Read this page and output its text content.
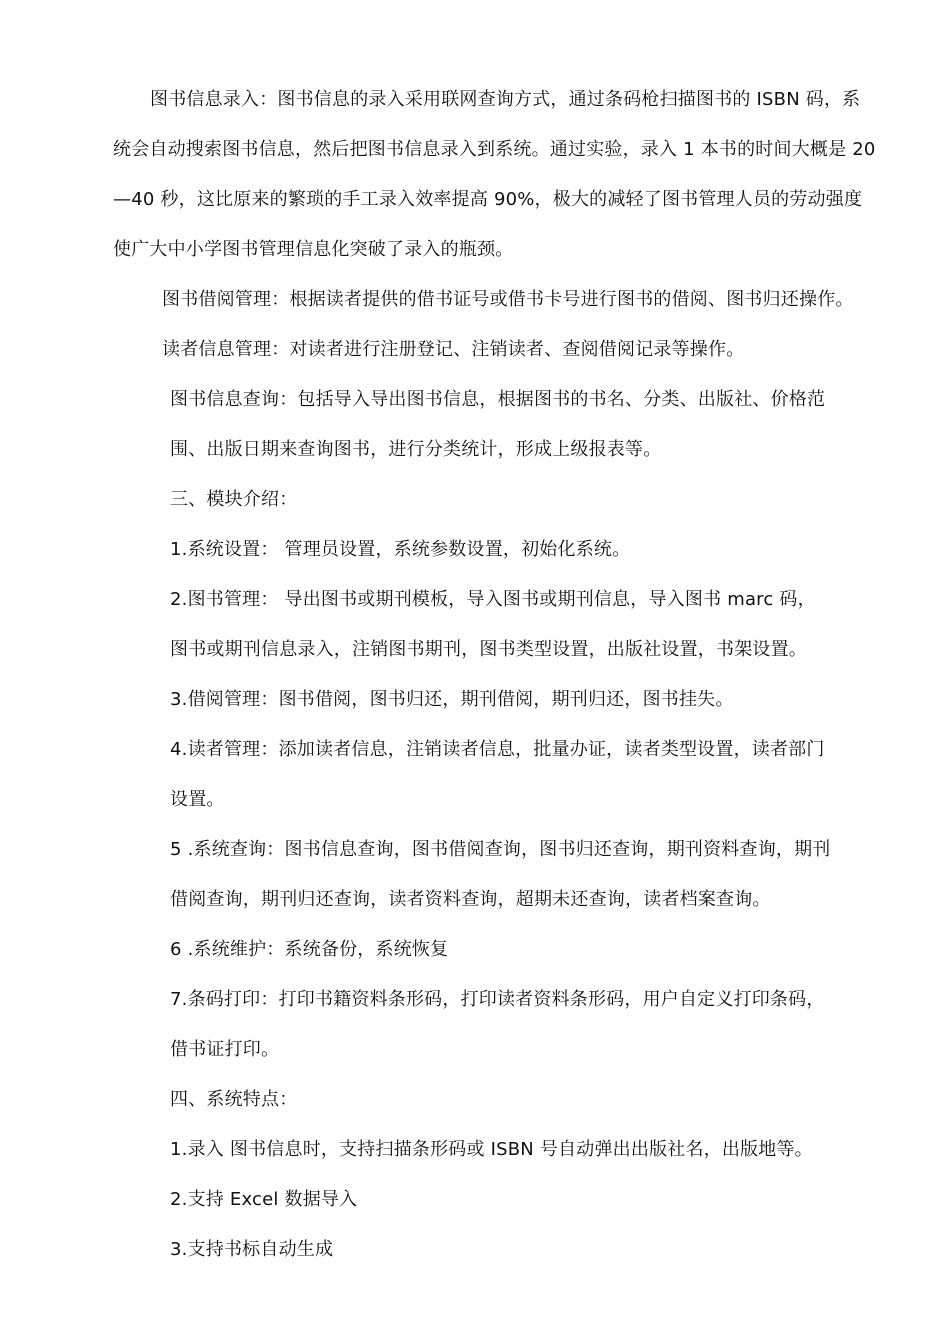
图书信息录入：图书信息的录入采用联网查询方式，通过条码枪扫描图书的 ISBN 码，系

统会自动搜索图书信息，然后把图书信息录入到系统。通过实验，录入 1 本书的时间大概是 20

—40 秒，这比原来的繁琐的手工录入效率提高 90%，极大的减轻了图书管理人员的劳动强度

使广大中小学图书管理信息化突破了录入的瓶颈。

图书借阅管理：根据读者提供的借书证号或借书卡号进行图书的借阅、图书归还操作。

读者信息管理：对读者进行注册登记、注销读者、查阅借阅记录等操作。

图书信息查询：包括导入导出图书信息，根据图书的书名、分类、出版社、价格范

围、出版日期来查询图书，进行分类统计，形成上级报表等。

三、模块介绍：

1.系统设置： 管理员设置，系统参数设置，初始化系统。

2.图书管理： 导出图书或期刊模板，导入图书或期刊信息，导入图书 marc 码，

图书或期刊信息录入，注销图书期刊，图书类型设置，出版社设置，书架设置。

3.借阅管理：图书借阅，图书归还，期刊借阅，期刊归还，图书挂失。

4.读者管理：添加读者信息，注销读者信息，批量办证，读者类型设置，读者部门

设置。

5 .系统查询：图书信息查询，图书借阅查询，图书归还查询，期刊资料查询，期刊

借阅查询，期刊归还查询，读者资料查询，超期未还查询，读者档案查询。

6 .系统维护：系统备份，系统恢复

7.条码打印：打印书籍资料条形码，打印读者资料条形码，用户自定义打印条码，

借书证打印。

四、系统特点：

1.录入 图书信息时，支持扫描条形码或 ISBN 号自动弹出出版社名，出版地等。

2.支持 Excel 数据导入

3.支持书标自动生成
